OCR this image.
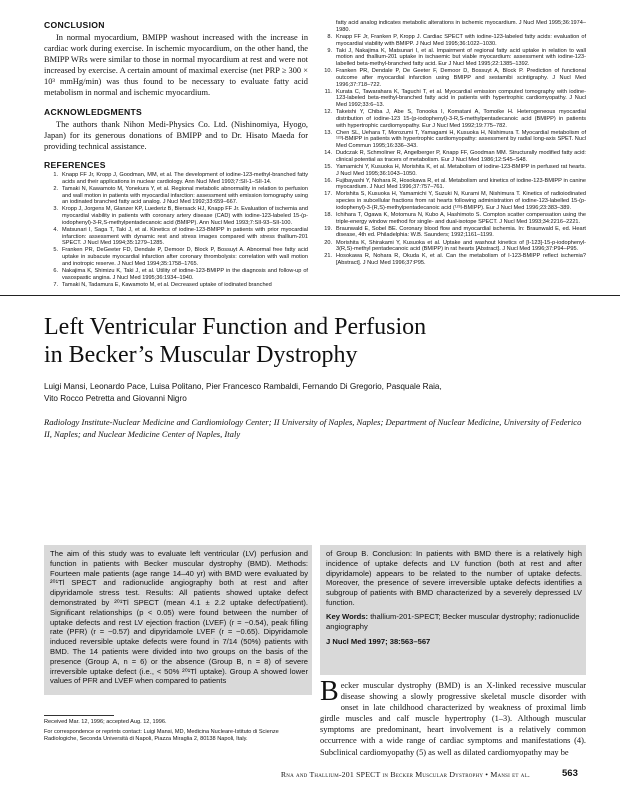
CONCLUSION

In normal myocardium, BMIPP washout increased with the increase in cardiac work during exercise. In ischemic myocardium, on the other hand, the BMIPP WRs were similar to those in normal myocardium at rest and were not increased by exercise. A certain amount of maximal exercise (net PRP ≥ 300 × 10³ mmHg/min) was thus found to be necessary to evaluate fatty acid metabolism in normal and ischemic myocardium.

ACKNOWLEDGMENTS

The authors thank Nihon Medi-Physics Co. Ltd. (Nishinomiya, Hyogo, Japan) for its generous donations of BMIPP and to Dr. Hisato Maeda for providing technical assistance.

REFERENCES
1. Knapp FF Jr, Kropp J, Goodman, MM, et al. The development of iodine-123-methyl-branched fatty acids and their applications in nuclear cardiology. Ann Nucl Med 1993;7:SII-1–SII-14.
2. Tamaki N, Kawamoto M, Yonekura Y, et al. Regional metabolic abnormality in relation to perfusion and wall motion in patients with myocardial infarction: assessment with emission tomography using an iodinated branched fatty acid analog. J Nucl Med 1992;33:659–667.
3. Kropp J, Jorgens M, Glanzer KP, Luederiz B, Biersack HJ, Knapp FF Jr. Evaluation of ischemia and myocardial viability in patients with coronary artery disease (CAD) with iodine-123-labeled 15-(p-iodophenyl)-3-R,S-methylpentadecanoic acid (BMIPP). Ann Nucl Med 1993;7:SII-93–SII-100.
4. Matsunari I, Saga T, Taki J, et al. Kinetics of iodine-123-BMIPP in patients with prior myocardial infarction: assessment with dynamic rest and stress images compared with stress thallium-201 SPECT. J Nucl Med 1994;35:1279–1285.
5. Franken PR, DeGeeter FD, Dendale P, Demoor D, Block P, Bossuyt A. Abnormal free fatty acid uptake in subacute myocardial infarction after coronary thrombolysis: correlation with wall motion and inotropic reserve. J Nucl Med 1994;35:1758–1765.
6. Nakajima K, Shimizu K, Taki J, et al. Utility of iodine-123-BMIPP in the diagnosis and follow-up of vasospastic angina. J Nucl Med 1995;36:1934–1940.
7. Tamaki N, Tadamura E, Kawamoto M, et al. Decreased uptake of iodinated branched
fatty acid analog indicates metabolic alterations in ischemic myocardium. J Nucl Med 1995;36:1974–1980.
8. Knapp FF Jr, Franken P, Kropp J. Cardiac SPECT with iodine-123-labeled fatty acids: evaluation of myocardial viability with BMIPP. J Nucl Med 1995;36:1022–1030.
9. Taki J, Nakajima K, Matsunari I, et al. Impairment of regional fatty acid uptake in relation to wall motion and thallium-201 uptake in ischaemic but viable myocardium: assessment with iodine-123-labelled beta-methyl-branched fatty acid. Eur J Nucl Med 1995;22:1385–1392.
10. Franken PR, Dendale P, De Geeter F, Demoor D, Bossuyt A, Block P. Prediction of functional outcome after myocardial infarction using BMIPP and sestamibi scintigraphy. J Nucl Med 1996;37:718–722.
11. Kurata C, Tawarahara K, Taguchi T, et al. Myocardial emission computed tomography with iodine-123-labeled beta-methyl-branched fatty acid in patients with hypertrophic cardiomyopathy. J Nucl Med 1992;33:6–13.
12. Takeishi Y, Chiba J, Abe S, Tonooka I, Komatani A, Tomoike H. Heterogeneous myocardial distribution of iodine-123 15-(p-iodophenyl)-3-R,S-methylpentadecanoic acid (BMIPP) in patients with hypertrophic cardiomyopathy. Eur J Nucl Med 1992;19:775–782.
13. Chen SL, Uehara T, Morozumi T, Yamagami H, Kusuoka H, Nishimura T. Myocardial metabolism of ¹²³I-BMIPP in patients with hypertrophic cardiomyopathy: assessment by radial long-axis SPET. Nucl Med Commun 1995;16:336–343.
14. Dudczak R, Schmoliner R, Angelberger P, Knapp FF, Goodman MM. Structurally modified fatty acid: clinical potential as tracers of metabolism. Eur J Nucl Med 1986;12:S45–S48.
15. Yamamichi Y, Kusuoka H, Morishita K, et al. Metabolism of iodine-123-BMIPP in perfused rat hearts. J Nucl Med 1995;36:1043–1050.
16. Fujibayashi Y, Nohara R, Hosokawa R, et al. Metabolism and kinetics of iodine-123-BMIPP in canine myocardium. J Nucl Med 1996;37:757–761.
17. Morishita S, Kusuoka H, Yamamichi Y, Suzuki N, Kurami M, Nishimura T. Kinetics of radioiodinated species in subcellular fractions from rat hearts following administration of iodine-123-labelled 15-(p-iodophenyl)-3-(R,S)-methylpentadecanoic acid (¹²³I-BMIPP). Eur J Nucl Med 1996;23:383–389.
18. Ichihara T, Ogawa K, Motomura N, Kubo A, Hashimoto S. Compton scatter compensation using the triple-energy window method for single- and dual-isotope SPECT. J Nucl Med 1993;34:2216–2221.
19. Braunwald E, Sobel BE. Coronary blood flow and myocardial ischemia. In: Braunwald E, ed. Heart disease, 4th ed. Philadelphia: W.B. Saunders; 1992;1161–1199.
20. Morishita K, Shirakami Y, Kusuoka et al. Uptake and washout kinetics of [I-123]-15-p-iodophenyl-3(R,S)-methyl pentadecanoic acid (BMIPP) in rat hearts [Abstract]. J Nucl Med 1996;37:P94–P95.
21. Hosokawa R, Nohara R, Okuda K, et al. Can the metabolism of I-123-BMIPP reflect ischemia? [Abstract]. J Nucl Med 1996;37:P95.
Left Ventricular Function and Perfusion
in Becker’s Muscular Dystrophy

Luigi Mansi, Leonardo Pace, Luisa Politano, Pier Francesco Rambaldi, Fernando Di Gregorio, Pasquale Raia,
Vito Rocco Petretta and Giovanni Nigro

Radiology Institute-Nuclear Medicine and Cardiomiology Center; II University of Naples, Naples; Department of Nuclear Medicine, University of Federico II, Naples; and Nuclear Medicine Center of Naples, Italy

The aim of this study was to evaluate left ventricular (LV) perfusion and function in patients with Becker muscular dystrophy (BMD). Methods: Fourteen male patients (age range 14–40 yr) with BMD were evaluated by ²⁰¹Tl SPECT and radionuclide angiography both at rest and after dipyridamole stress test. Results: All patients showed uptake defect demonstrated by ²⁰¹Tl SPECT (mean 4.1 ± 2.2 uptake defect/patient). Significant relationships (p < 0.05) were found between the number of uptake defects and rest LV ejection fraction (LVEF) (r = −0.54), peak filling rate (PFR) (r = −0.57) and dipyridamole LVEF (r = −0.65). Dipyridamole induced reversible uptake defects were found in 7/14 (50%) patients with BMD. The 14 patients were divided into two groups on the basis of the presence (Group A, n = 6) or the absence (Group B, n = 8) of severe irreversible uptake defect (i.e., < 50% ²⁰¹Tl uptake). Group A showed lower values of PFR and LVEF when compared to patients

of Group B. Conclusion: In patients with BMD there is a relatively high incidence of uptake defects and LV function (both at rest and after dipyridamole) appears to be related to the number of uptake defects. Moreover, the presence of severe irreversible uptake defects identifies a subgroup of patients with BMD characterized by a severely depressed LV function.

Key Words: thallium-201-SPECT; Becker muscular dystrophy; radionuclide angiography

J Nucl Med 1997; 38:563–567

Becker muscular dystrophy (BMD) is an X-linked recessive muscular disease showing a slowly progressive skeletal muscle disorder with onset in late childhood characterized by weakness of proximal limb girdle muscles and calf muscle hypertrophy (1–3). Although muscular symptoms are predominant, heart involvement is a relatively common occurrence with a wide range of cardiac symptoms and manifestations (4). Subclinical cardiomyopathy (5) as well as dilated cardiomyopathy may be

Received Mar. 12, 1996; accepted Aug. 12, 1996.

For correspondence or reprints contact: Luigi Mansi, MD, Medicina Nucleare-Istituto di Scienze Radiologiche, Seconda Università di Napoli, Piazza Miraglia 2, 80138 Napoli, Italy.

Rna and Thallium-201 SPECT in Becker Muscular Dystrophy • Mansi et al.	563
